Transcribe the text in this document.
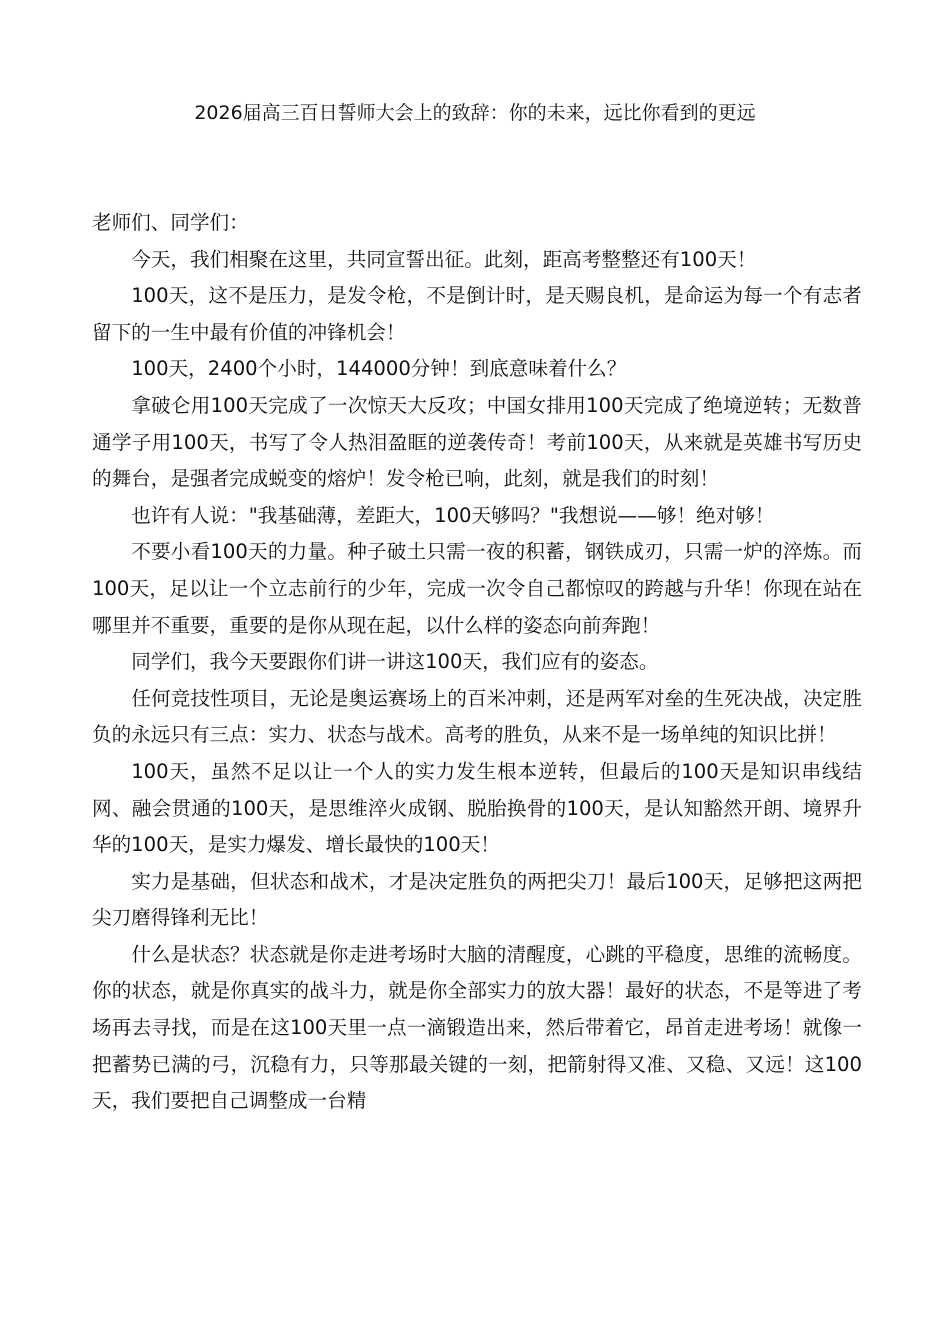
2026届高三百日誓师大会上的致辞：你的未来，远比你看到的更远

老师们、同学们：

今天，我们相聚在这里，共同宣誓出征。此刻，距高考整整还有100天！

100天，这不是压力，是发令枪，不是倒计时，是天赐良机，是命运为每一个有志者留下的一生中最有价值的冲锋机会！

100天，2400个小时，144000分钟！到底意味着什么？

拿破仑用100天完成了一次惊天大反攻；中国女排用100天完成了绝境逆转；无数普通学子用100天，书写了令人热泪盈眶的逆袭传奇！考前100天，从来就是英雄书写历史的舞台，是强者完成蜕变的熔炉！发令枪已响，此刻，就是我们的时刻！

也许有人说："我基础薄，差距大，100天够吗？"我想说——够！绝对够！

不要小看100天的力量。种子破土只需一夜的积蓄，钢铁成刃，只需一炉的淬炼。而100天，足以让一个立志前行的少年，完成一次令自己都惊叹的跨越与升华！你现在站在哪里并不重要，重要的是你从现在起，以什么样的姿态向前奔跑！

同学们，我今天要跟你们讲一讲这100天，我们应有的姿态。

任何竞技性项目，无论是奥运赛场上的百米冲刺，还是两军对垒的生死决战，决定胜负的永远只有三点：实力、状态与战术。高考的胜负，从来不是一场单纯的知识比拼！

100天，虽然不足以让一个人的实力发生根本逆转，但最后的100天是知识串线结网、融会贯通的100天，是思维淬火成钢、脱胎换骨的100天，是认知豁然开朗、境界升华的100天，是实力爆发、增长最快的100天！

实力是基础，但状态和战术，才是决定胜负的两把尖刀！最后100天，足够把这两把尖刀磨得锋利无比！

什么是状态？状态就是你走进考场时大脑的清醒度，心跳的平稳度，思维的流畅度。你的状态，就是你真实的战斗力，就是你全部实力的放大器！最好的状态，不是等进了考场再去寻找，而是在这100天里一点一滴锻造出来，然后带着它，昂首走进考场！就像一把蓄势已满的弓，沉稳有力，只等那最关键的一刻，把箭射得又准、又稳、又远！这100天，我们要把自己调整成一台精
